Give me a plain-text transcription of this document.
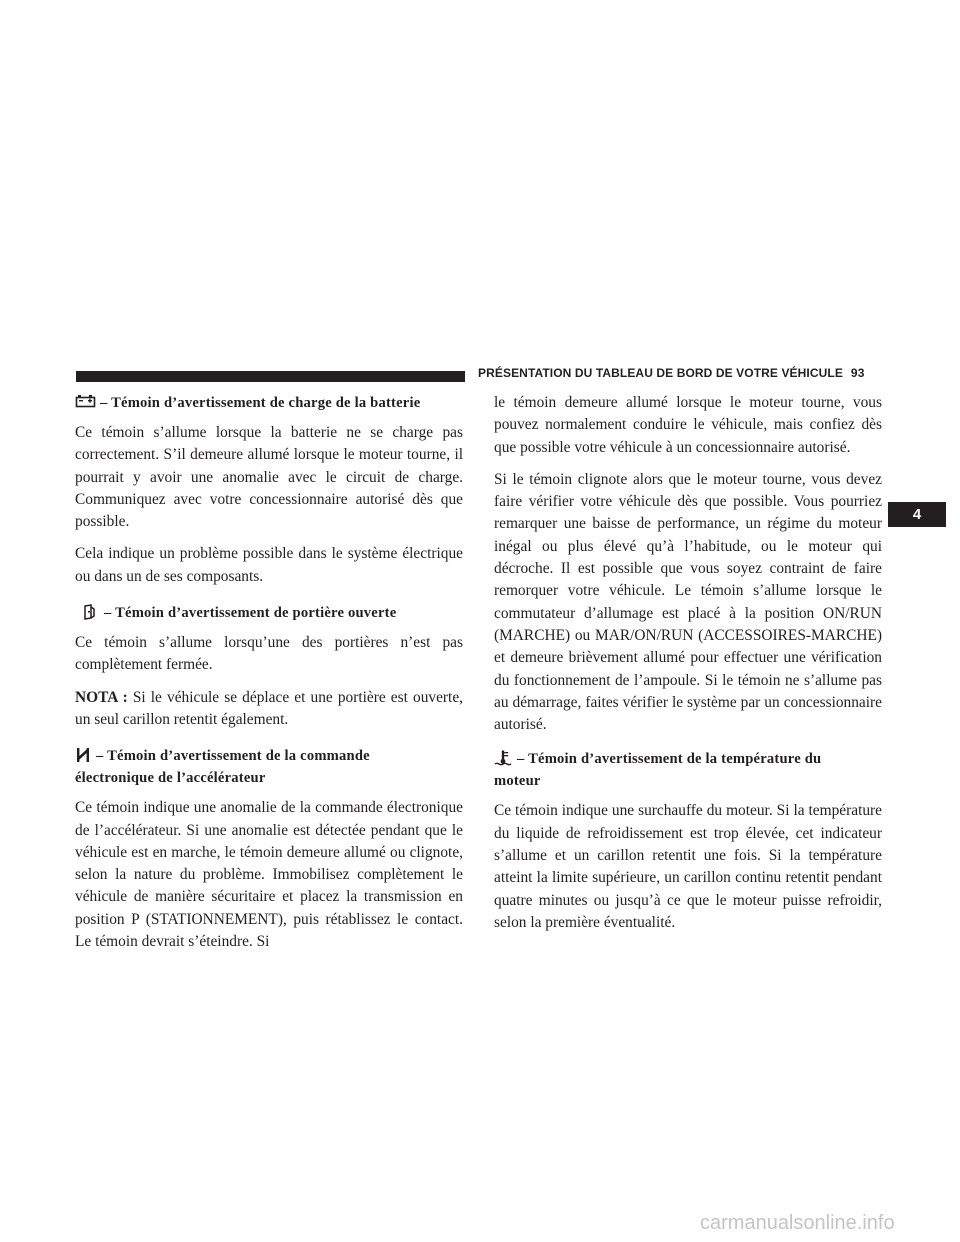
PRÉSENTATION DU TABLEAU DE BORD DE VOTRE VÉHICULE 93
4
– Témoin d’avertissement de charge de la batterie

Ce témoin s’allume lorsque la batterie ne se charge pas correctement. S’il demeure allumé lorsque le moteur tourne, il pourrait y avoir une anomalie avec le circuit de charge. Communiquez avec votre concessionnaire autorisé dès que possible.

Cela indique un problème possible dans le système électrique ou dans un de ses composants.

– Témoin d’avertissement de portière ouverte

Ce témoin s’allume lorsqu’une des portières n’est pas complètement fermée.

NOTA : Si le véhicule se déplace et une portière est ouverte, un seul carillon retentit également.

– Témoin d’avertissement de la commande
électronique de l’accélérateur

Ce témoin indique une anomalie de la commande électronique de l’accélérateur. Si une anomalie est détectée pendant que le véhicule est en marche, le témoin demeure allumé ou clignote, selon la nature du problème. Immobilisez complètement le véhicule de manière sécuritaire et placez la transmission en position P (STATIONNEMENT), puis rétablissez le contact. Le témoin devrait s’éteindre. Si

le témoin demeure allumé lorsque le moteur tourne, vous pouvez normalement conduire le véhicule, mais confiez dès que possible votre véhicule à un concessionnaire autorisé.

Si le témoin clignote alors que le moteur tourne, vous devez faire vérifier votre véhicule dès que possible. Vous pourriez remarquer une baisse de performance, un régime du moteur inégal ou plus élevé qu’à l’habitude, ou le moteur qui décroche. Il est possible que vous soyez contraint de faire remorquer votre véhicule. Le témoin s’allume lorsque le commutateur d’allumage est placé à la position ON/RUN (MARCHE) ou MAR/ON/RUN (ACCESSOIRES-MARCHE) et demeure brièvement allumé pour effectuer une vérification du fonctionnement de l’ampoule. Si le témoin ne s’allume pas au démarrage, faites vérifier le système par un concessionnaire autorisé.

– Témoin d’avertissement de la température du
moteur

Ce témoin indique une surchauffe du moteur. Si la température du liquide de refroidissement est trop élevée, cet indicateur s’allume et un carillon retentit une fois. Si la température atteint la limite supérieure, un carillon continu retentit pendant quatre minutes ou jusqu’à ce que le moteur puisse refroidir, selon la première éventualité.

carmanualsonline.info
